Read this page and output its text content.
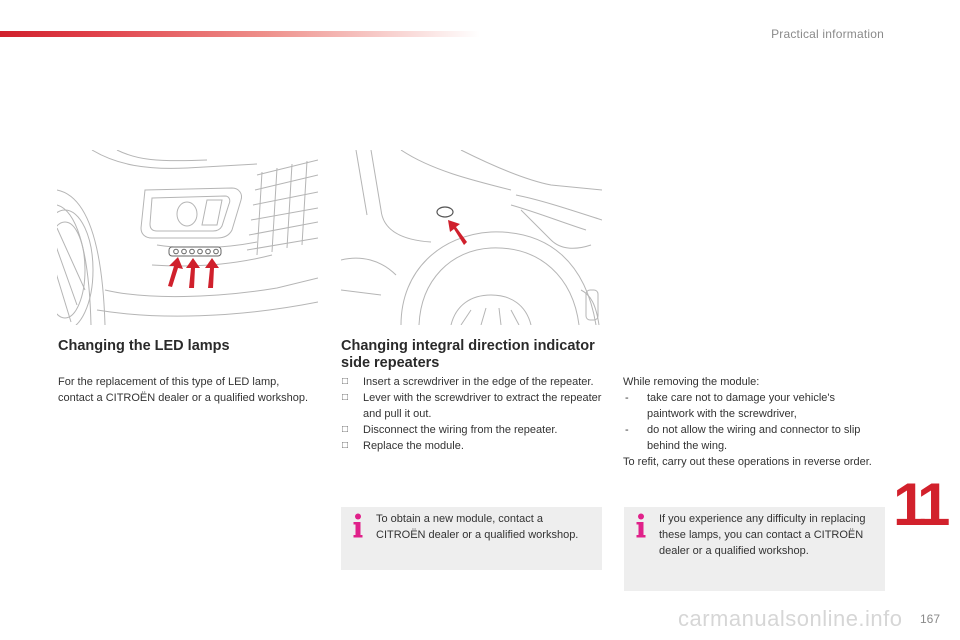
Practical information
Changing the LED lamps

For the replacement of this type of LED lamp, contact a CITROËN dealer or a qualified workshop.

Changing integral direction indicator side repeaters
□ Insert a screwdriver in the edge of the repeater.
□ Lever with the screwdriver to extract the repeater and pull it out.
□ Disconnect the wiring from the repeater.
□ Replace the module.
While removing the module:
- take care not to damage your vehicle's paintwork with the screwdriver,
- do not allow the wiring and connector to slip behind the wing.
To refit, carry out these operations in reverse order.
To obtain a new module, contact a CITROËN dealer or a qualified workshop.
If you experience any difficulty in replacing these lamps, you can contact a CITROËN dealer or a qualified workshop.
11
carmanualsonline.info 167
